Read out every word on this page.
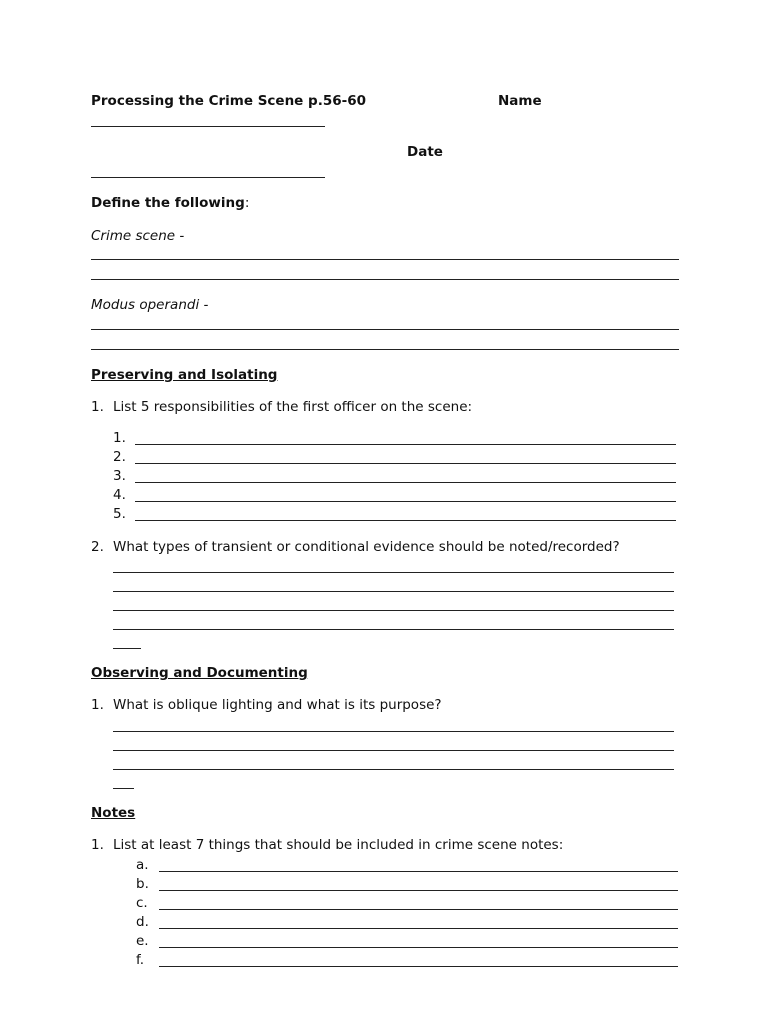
Processing the Crime Scene p.56-60	Name
Date
Define the following:
Crime scene -
Modus operandi -
Preserving and Isolating
1. List 5 responsibilities of the first officer on the scene:
1.
2.
3.
4.
5.
2. What types of transient or conditional evidence should be noted/recorded?
Observing and Documenting
1. What is oblique lighting and what is its purpose?
Notes
1. List at least 7 things that should be included in crime scene notes:
a.
b.
c.
d.
e.
f.
